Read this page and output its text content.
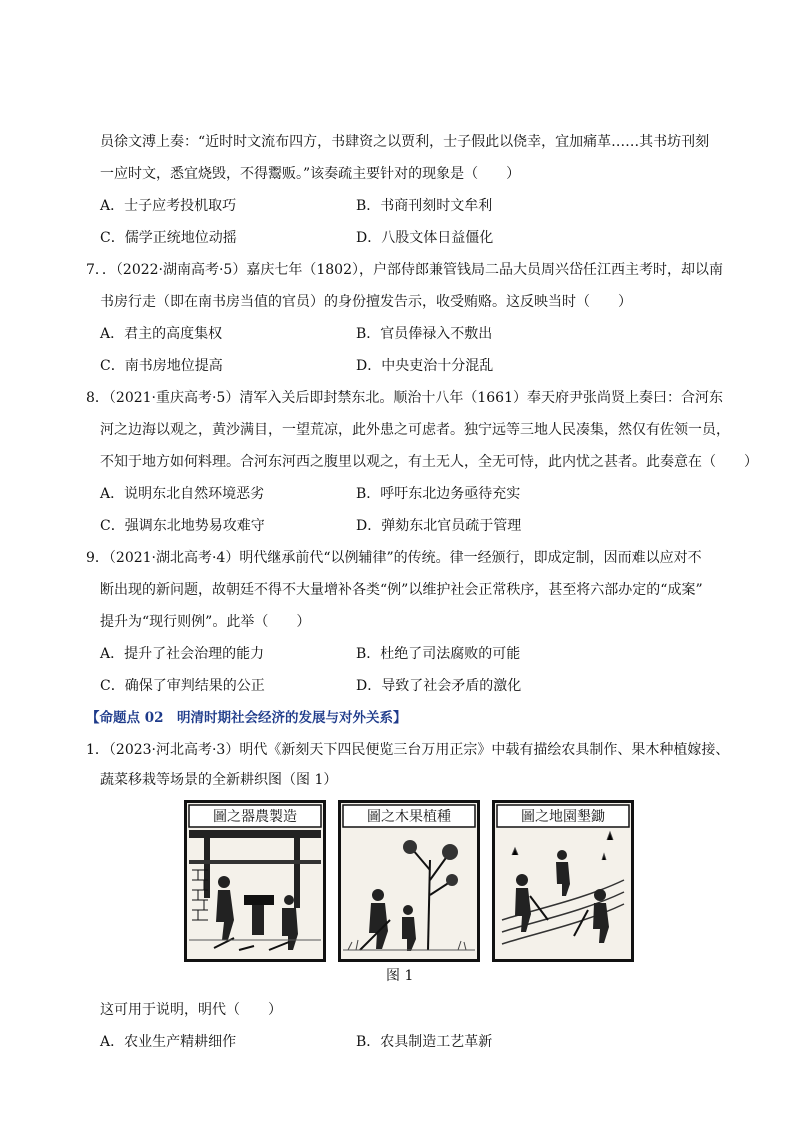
员徐文溥上奏：“近时时文流布四方，书肆资之以贾利，士子假此以侥幸，宜加痛革……其书坊刊刻
一应时文，悉宜烧毁，不得鬻贩。”该奏疏主要针对的现象是（　　）
A．士子应考投机取巧	B．书商刊刻时文牟利
C．儒学正统地位动摇	D．八股文体日益僵化
7．．（2022·湖南高考·5）嘉庆七年（1802），户部侍郎兼管钱局二品大员周兴岱任江西主考时，却以南
书房行走（即在南书房当值的官员）的身份擅发告示，收受贿赂。这反映当时（　　）
A．君主的高度集权	B．官员俸禄入不敷出
C．南书房地位提高	D．中央吏治十分混乱
8．（2021·重庆高考·5）清军入关后即封禁东北。顺治十八年（1661）奉天府尹张尚贤上奏曰：合河东
河之边海以观之，黄沙满目，一望荒凉，此外患之可虑者。独宁远等三地人民凑集，然仅有佐领一员，
不知于地方如何料理。合河东河西之腹里以观之，有土无人，全无可恃，此内忧之甚者。此奏意在（　　）
A．说明东北自然环境恶劣	B．呼吁东北边务亟待充实
C．强调东北地势易攻难守	D．弹劾东北官员疏于管理
9．（2021·湖北高考·4）明代继承前代“以例辅律”的传统。律一经颁行，即成定制，因而难以应对不
断出现的新问题，故朝廷不得不大量增补各类“例”以维护社会正常秩序，甚至将六部办定的“成案”
提升为“现行则例”。此举（　　）
A．提升了社会治理的能力	B．杜绝了司法腐败的可能
C．确保了审判结果的公正	D．导致了社会矛盾的激化
【命题点 02　明清时期社会经济的发展与对外关系】
1．（2023·河北高考·3）明代《新刻天下四民便览三台万用正宗》中载有描绘农具制作、果木种植嫁接、
蔬菜移栽等场景的全新耕织图（图 1）
造製農器之圖	種植果木之圖	鋤墾園地之圖
图 1
这可用于说明，明代（　　）
A．农业生产精耕细作	B．农具制造工艺革新
